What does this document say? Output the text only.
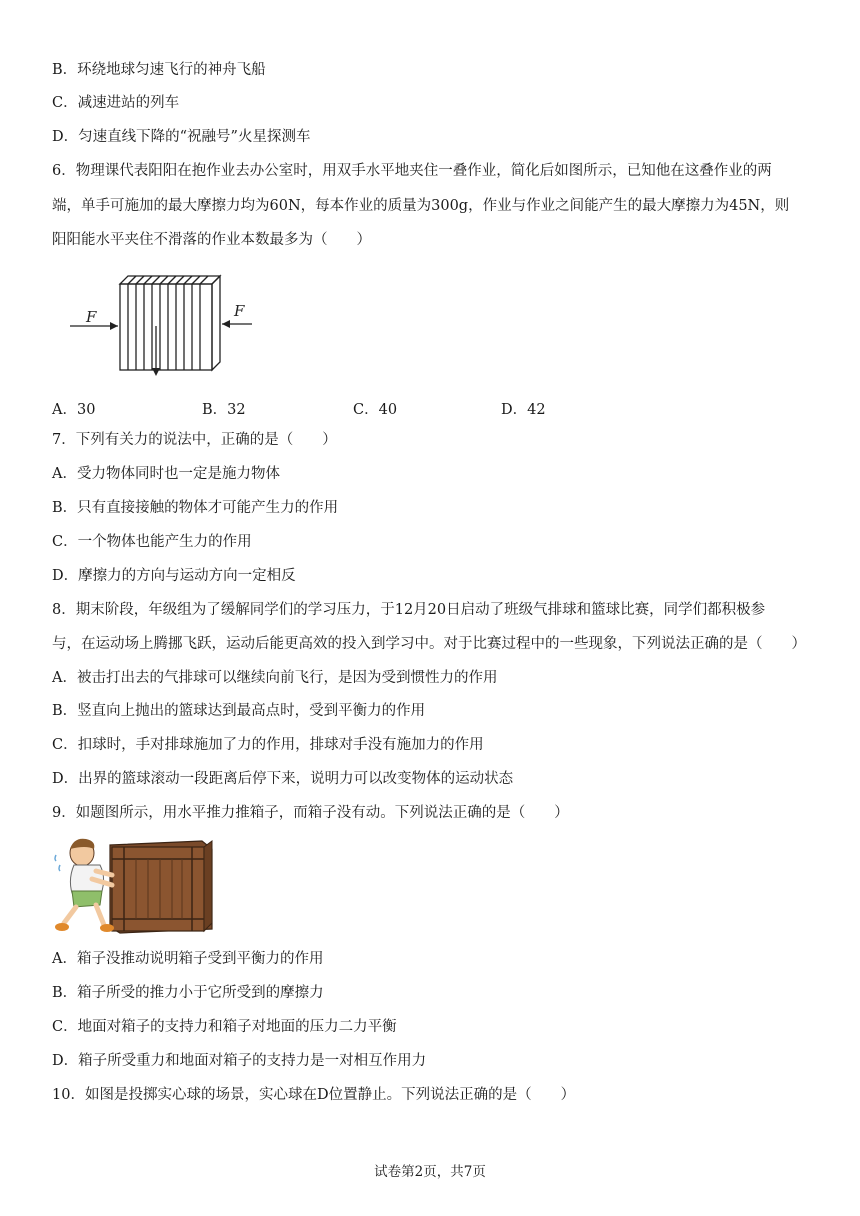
B．环绕地球匀速飞行的神舟飞船
C．减速进站的列车
D．匀速直线下降的“祝融号”火星探测车
6．物理课代表阳阳在抱作业去办公室时，用双手水平地夹住一叠作业，简化后如图所示，已知他在这叠作业的两
端，单手可施加的最大摩擦力均为60N，每本作业的质量为300g，作业与作业之间能产生的最大摩擦力为45N，则
阳阳能水平夹住不滑落的作业本数最多为（　　）
F	F
A．30	B．32	C．40	D．42
7．下列有关力的说法中，正确的是（　　）
A．受力物体同时也一定是施力物体
B．只有直接接触的物体才可能产生力的作用
C．一个物体也能产生力的作用
D．摩擦力的方向与运动方向一定相反
8．期末阶段，年级组为了缓解同学们的学习压力，于12月20日启动了班级气排球和篮球比赛，同学们都积极参
与，在运动场上腾挪飞跃，运动后能更高效的投入到学习中。对于比赛过程中的一些现象，下列说法正确的是（　　）
A．被击打出去的气排球可以继续向前飞行，是因为受到惯性力的作用
B．竖直向上抛出的篮球达到最高点时，受到平衡力的作用
C．扣球时，手对排球施加了力的作用，排球对手没有施加力的作用
D．出界的篮球滚动一段距离后停下来，说明力可以改变物体的运动状态
9．如题图所示，用水平推力推箱子，而箱子没有动。下列说法正确的是（　　）
A．箱子没推动说明箱子受到平衡力的作用
B．箱子所受的推力小于它所受到的摩擦力
C．地面对箱子的支持力和箱子对地面的压力二力平衡
D．箱子所受重力和地面对箱子的支持力是一对相互作用力
10．如图是投掷实心球的场景，实心球在D位置静止。下列说法正确的是（　　）
试卷第2页，共7页
